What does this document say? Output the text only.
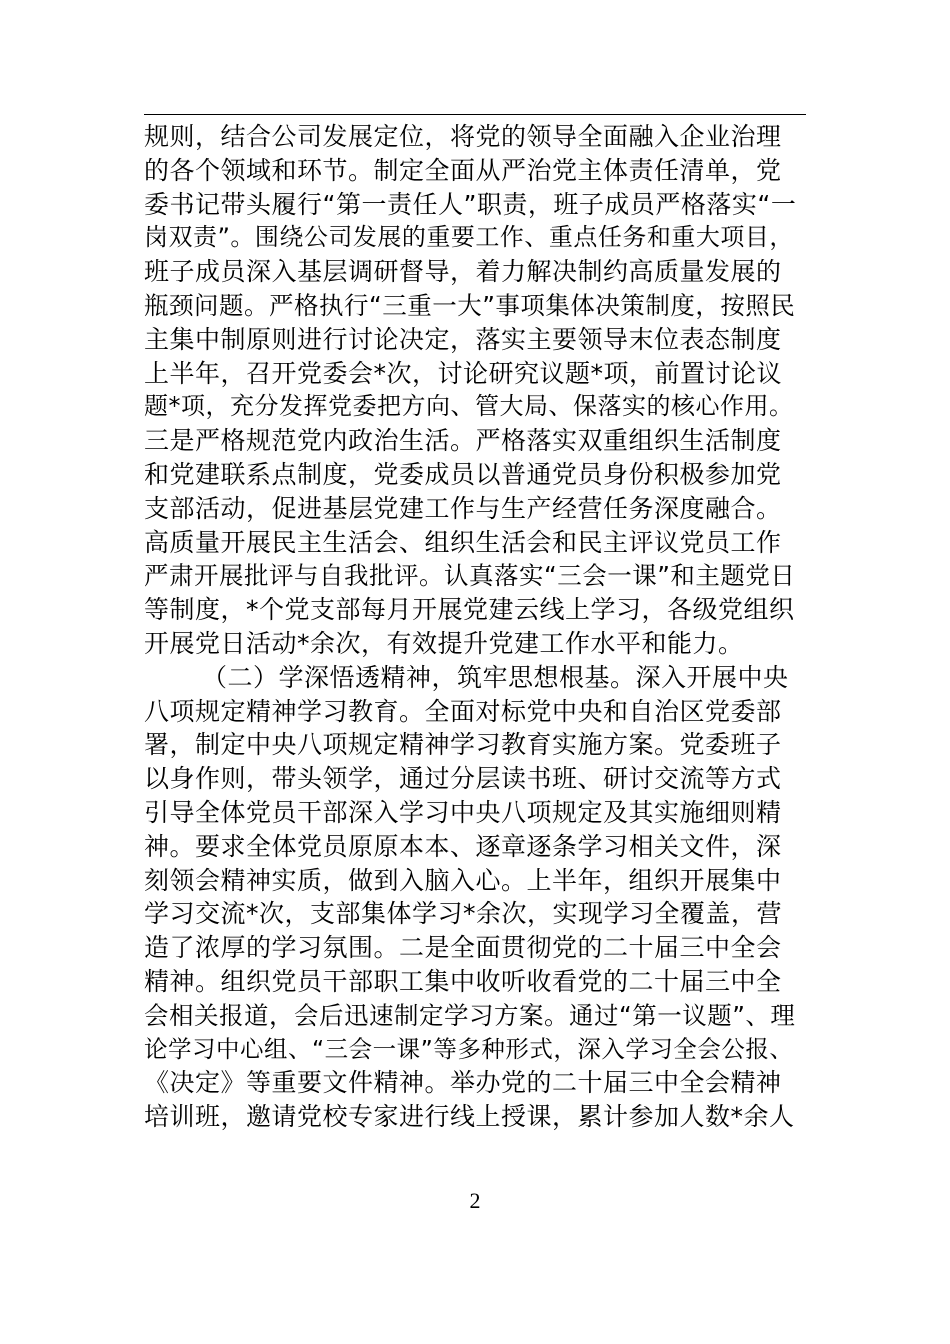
规则，结合公司发展定位，将党的领导全面融入企业治理
的各个领域和环节。制定全面从严治党主体责任清单，党
委书记带头履行“第一责任人”职责，班子成员严格落实“一
岗双责”。围绕公司发展的重要工作、重点任务和重大项目，
班子成员深入基层调研督导，着力解决制约高质量发展的
瓶颈问题。严格执行“三重一大”事项集体决策制度，按照民
主集中制原则进行讨论决定，落实主要领导末位表态制度
上半年，召开党委会*次，讨论研究议题*项，前置讨论议
题*项，充分发挥党委把方向、管大局、保落实的核心作用。
三是严格规范党内政治生活。严格落实双重组织生活制度
和党建联系点制度，党委成员以普通党员身份积极参加党
支部活动，促进基层党建工作与生产经营任务深度融合。
高质量开展民主生活会、组织生活会和民主评议党员工作
严肃开展批评与自我批评。认真落实“三会一课”和主题党日
等制度，*个党支部每月开展党建云线上学习，各级党组织
开展党日活动*余次，有效提升党建工作水平和能力。
（二）学深悟透精神，筑牢思想根基。深入开展中央
八项规定精神学习教育。全面对标党中央和自治区党委部
署，制定中央八项规定精神学习教育实施方案。党委班子
以身作则，带头领学，通过分层读书班、研讨交流等方式
引导全体党员干部深入学习中央八项规定及其实施细则精
神。要求全体党员原原本本、逐章逐条学习相关文件，深
刻领会精神实质，做到入脑入心。上半年，组织开展集中
学习交流*次，支部集体学习*余次，实现学习全覆盖，营
造了浓厚的学习氛围。二是全面贯彻党的二十届三中全会
精神。组织党员干部职工集中收听收看党的二十届三中全
会相关报道，会后迅速制定学习方案。通过“第一议题”、理
论学习中心组、“三会一课”等多种形式，深入学习全会公报、
《决定》等重要文件精神。举办党的二十届三中全会精神
培训班，邀请党校专家进行线上授课，累计参加人数*余人
2
